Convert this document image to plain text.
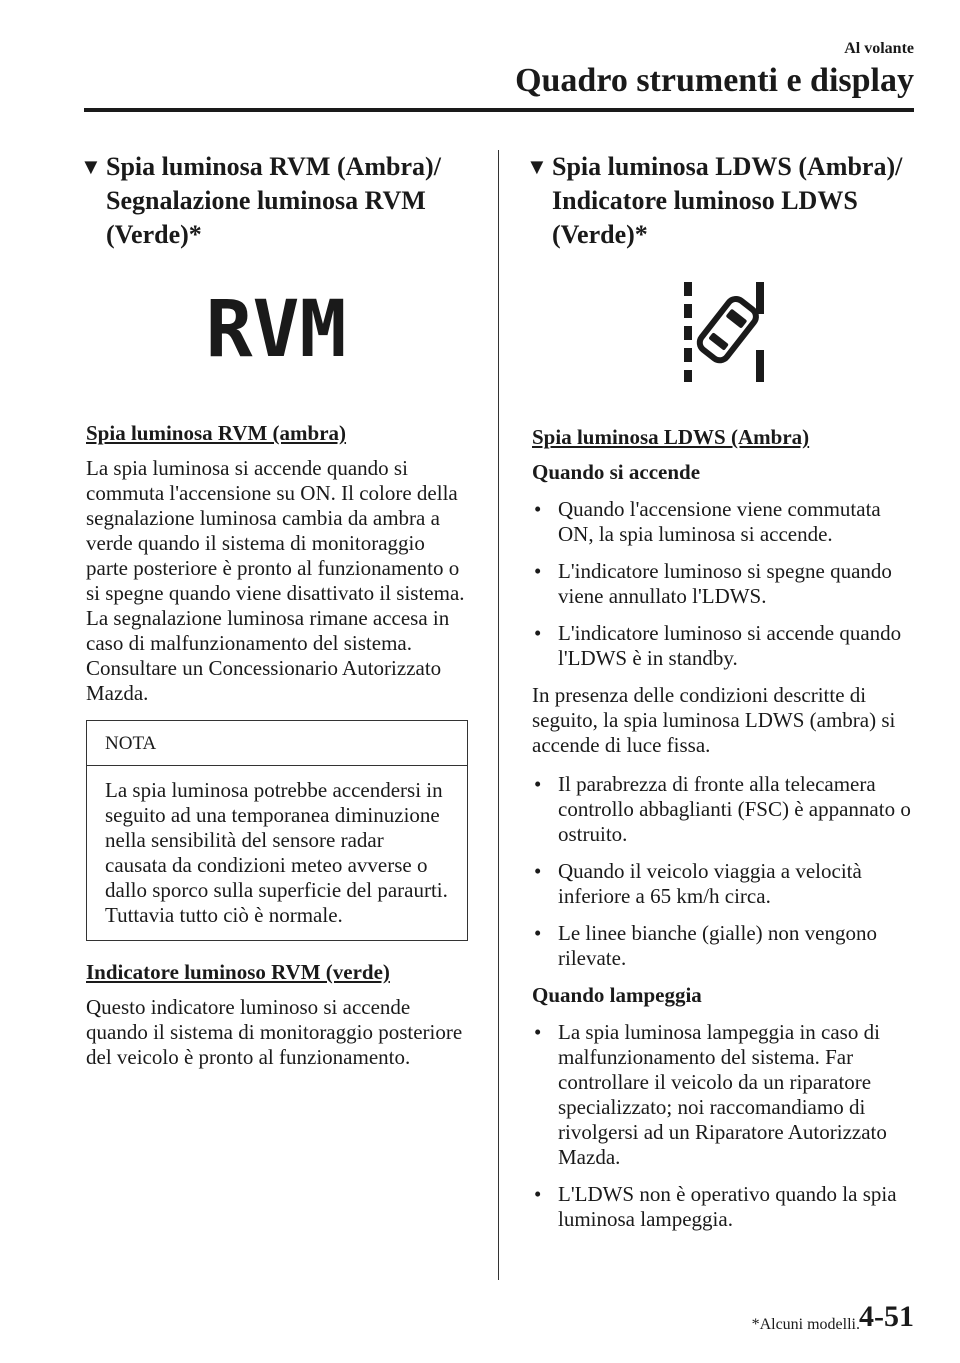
Al volante
Quadro strumenti e display
▼ Spia luminosa RVM (Ambra)/
Segnalazione luminosa RVM
(Verde)*
RVM
Spia luminosa RVM (ambra)

La spia luminosa si accende quando si commuta l'accensione su ON. Il colore della segnalazione luminosa cambia da ambra a verde quando il sistema di monitoraggio parte posteriore è pronto al funzionamento o si spegne quando viene disattivato il sistema. La segnalazione luminosa rimane accesa in caso di malfunzionamento del sistema. Consultare un Concessionario Autorizzato Mazda.

NOTA
La spia luminosa potrebbe accendersi in seguito ad una temporanea diminuzione nella sensibilità del sensore radar causata da condizioni meteo avverse o dallo sporco sulla superficie del paraurti. Tuttavia tutto ciò è normale.
Indicatore luminoso RVM (verde)

Questo indicatore luminoso si accende quando il sistema di monitoraggio posteriore del veicolo è pronto al funzionamento.

▼ Spia luminosa LDWS (Ambra)/
Indicatore luminoso LDWS
(Verde)*
Spia luminosa LDWS (Ambra)
Quando si accende
• Quando l'accensione viene commutata ON, la spia luminosa si accende.
• L'indicatore luminoso si spegne quando viene annullato l'LDWS.
• L'indicatore luminoso si accende quando l'LDWS è in standby.

In presenza delle condizioni descritte di seguito, la spia luminosa LDWS (ambra) si accende di luce fissa.

• Il parabrezza di fronte alla telecamera controllo abbaglianti (FSC) è appannato o ostruito.
• Quando il veicolo viaggia a velocità inferiore a 65 km/h circa.
• Le linee bianche (gialle) non vengono rilevate.
Quando lampeggia
• La spia luminosa lampeggia in caso di malfunzionamento del sistema. Far controllare il veicolo da un riparatore specializzato; noi raccomandiamo di rivolgersi ad un Riparatore Autorizzato Mazda.
• L'LDWS non è operativo quando la spia luminosa lampeggia.
*Alcuni modelli. 4-51
